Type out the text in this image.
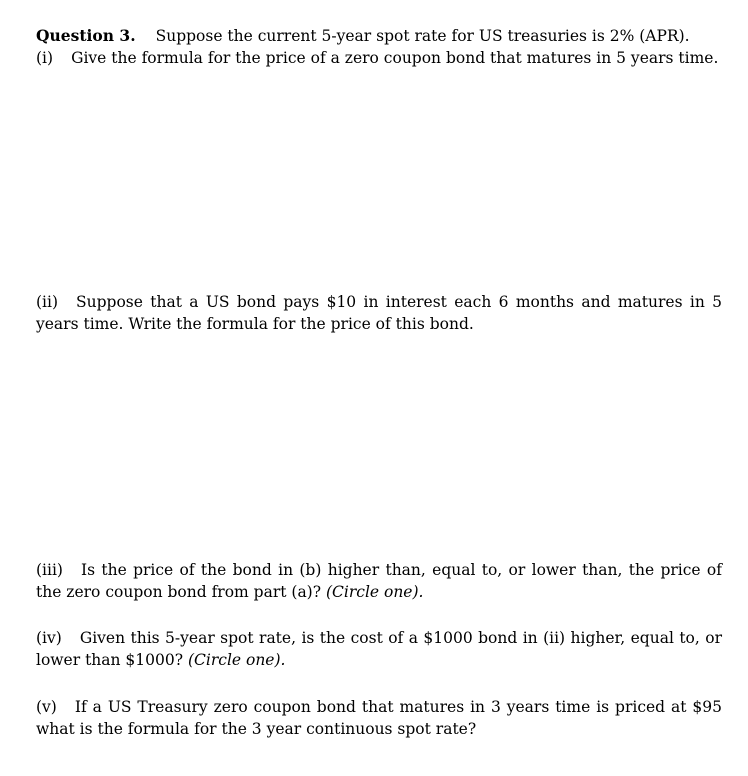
Question 3. Suppose the current 5-year spot rate for US treasuries is 2% (APR).

(i) Give the formula for the price of a zero coupon bond that matures in 5 years time.

(ii) Suppose that a US bond pays $10 in interest each 6 months and matures in 5 years time. Write the formula for the price of this bond.

(iii) Is the price of the bond in (b) higher than, equal to, or lower than, the price of the zero coupon bond from part (a)? (Circle one).

(iv) Given this 5-year spot rate, is the cost of a $1000 bond in (ii) higher, equal to, or lower than $1000? (Circle one).

(v) If a US Treasury zero coupon bond that matures in 3 years time is priced at $95 what is the formula for the 3 year continuous spot rate?
